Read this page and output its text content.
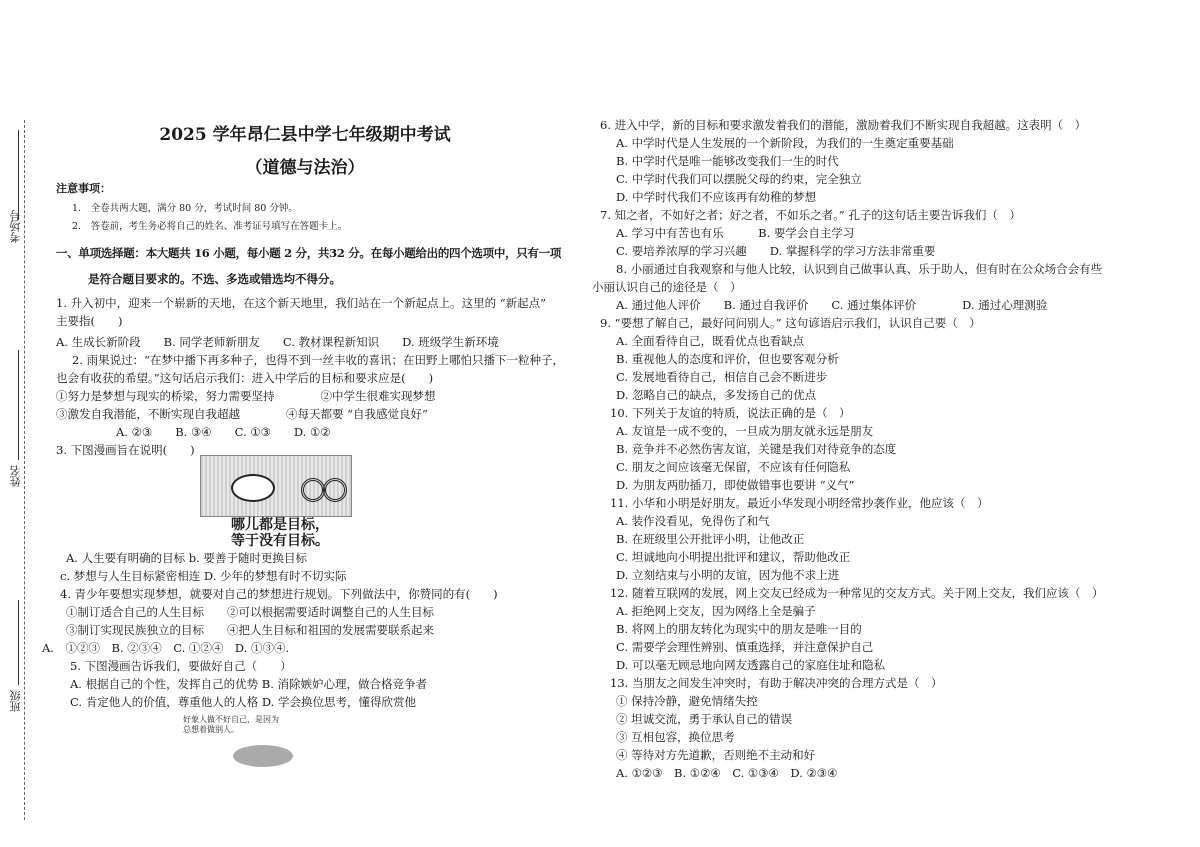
考场号
姓名
班级
2025 学年昂仁县中学七年级期中考试
（道德与法治）

注意事项：

1.　全卷共两大题，满分 80 分，考试时间 80 分钟。

2.　答卷前，考生务必将自己的姓名、准考证号填写在答题卡上。

一、单项选择题：本大题共 16 小题，每小题 2 分，共32 分。在每小题给出的四个选项中，只有一项

是符合题目要求的。不选、多选或错选均不得分。

1. 升入初中，迎来一个崭新的天地，在这个新天地里，我们站在一个新起点上。这里的 “新起点”

主要指(　　)

A. 生成长新阶段　　B. 同学老师新朋友　　C. 教材课程新知识　　D. 班级学生新环境

2. 雨果说过：“在梦中播下再多种子，也得不到一丝丰收的喜讯；在田野上哪怕只播下一粒种子，

也会有收获的希望。”这句话启示我们：进入中学后的目标和要求应是(　　)

①努力是梦想与现实的桥梁，努力需要坚持　　　　②中学生很难实现梦想

③激发自我潜能，不断实现自我超越　　　　④每天都要 “自我感觉良好”

A. ②③　　B. ③④　　C. ①③　　D. ①②

3. 下图漫画旨在说明(　　)

哪儿都是目标，
等于没有目标。

A. 人生要有明确的目标 b. 要善于随时更换目标

c. 梦想与人生目标紧密相连 D. 少年的梦想有时不切实际

4. 青少年要想实现梦想，就要对自己的梦想进行规划。下列做法中，你赞同的有(　　)

①制订适合自己的人生目标　　②可以根据需要适时调整自己的人生目标

③制订实现民族独立的目标　　④把人生目标和祖国的发展需要联系起来

A.　①②③　B. ②③④　C. ①②④　D. ①③④.

5. 下图漫画告诉我们，要做好自己（　　）

A. 根据自己的个性，发挥自己的优势 B. 消除嫉妒心理，做合格竞争者

C. 肯定他人的价值，尊重他人的人格 D. 学会换位思考，懂得欣赏他

好象人做不好自己，是因为
总想着做别人。

6. 进入中学，新的目标和要求激发着我们的潜能，激励着我们不断实现自我超越。这表明（　）

A. 中学时代是人生发展的一个新阶段，为我们的一生奠定重要基础

B. 中学时代是唯一能够改变我们一生的时代

C. 中学时代我们可以摆脱父母的约束，完全独立

D. 中学时代我们不应该再有幼稚的梦想

7. 知之者，不如好之者；好之者，不如乐之者。” 孔子的这句话主要告诉我们（　）

A. 学习中有苦也有乐　　　B. 要学会自主学习

C. 要培养浓厚的学习兴趣　　D. 掌握科学的学习方法非常重要

8. 小丽通过自我观察和与他人比较，认识到自己做事认真、乐于助人，但有时在公众场合会有些

小丽认识自己的途径是（　）

A. 通过他人评价　　B. 通过自我评价　　C. 通过集体评价　　　　D. 通过心理测验

9. “要想了解自己，最好问问别人。” 这句谚语启示我们，认识自己要（　）

A. 全面看待自己，既看优点也看缺点

B. 重视他人的态度和评价，但也要客观分析

C. 发展地看待自己，相信自己会不断进步

D. 忽略自己的缺点，多发扬自己的优点

10. 下列关于友谊的特质，说法正确的是（　）

A. 友谊是一成不变的，一旦成为朋友就永远是朋友

B. 竞争并不必然伤害友谊，关键是我们对待竞争的态度

C. 朋友之间应该毫无保留，不应该有任何隐私

D. 为朋友两肋插刀，即使做错事也要讲 “义气”

11. 小华和小明是好朋友。最近小华发现小明经常抄袭作业，他应该（　）

A. 装作没看见，免得伤了和气

B. 在班级里公开批评小明，让他改正

C. 坦诚地向小明提出批评和建议，帮助他改正

D. 立刻结束与小明的友谊，因为他不求上进

12. 随着互联网的发展，网上交友已经成为一种常见的交友方式。关于网上交友，我们应该（　）

A. 拒绝网上交友，因为网络上全是骗子

B. 将网上的朋友转化为现实中的朋友是唯一目的

C. 需要学会理性辨别、慎重选择，并注意保护自己

D. 可以毫无顾忌地向网友透露自己的家庭住址和隐私

13. 当朋友之间发生冲突时，有助于解决冲突的合理方式是（　）

① 保持冷静，避免情绪失控

② 坦诚交流，勇于承认自己的错误

③ 互相包容，换位思考

④ 等待对方先道歉，否则绝不主动和好

A. ①②③　B. ①②④　C. ①③④　D. ②③④
